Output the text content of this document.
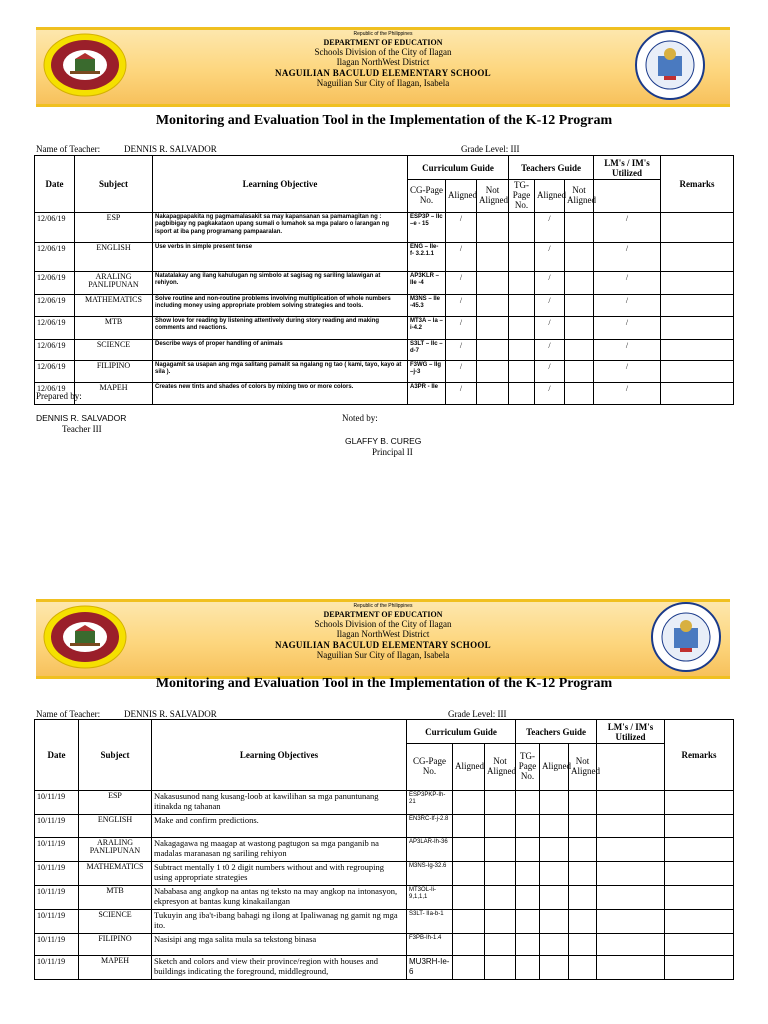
Republic of the Philippines
DEPARTMENT OF EDUCATION
Schools Division of the City of Ilagan
Ilagan NorthWest District
NAGUILIAN BACULUD ELEMENTARY SCHOOL
Naguilian Sur City of Ilagan, Isabela
Monitoring and Evaluation Tool in the Implementation of the K-12 Program
Name of Teacher:	DENNIS R. SALVADOR	Grade Level: III
Date	Subject	Learning Objective	Curriculum Guide			Teachers Guide			LM's / IM's Utilized	Remarks
			CG-Page No.	Aligned	Not Aligned	TG-Page No.	Aligned	Not Aligned		
12/06/19	ESP	Nakapagpapakita ng pagmamalasakit sa may kapansanan sa pamamagitan ng : pagbibigay ng pagkakataon upang sumali o lumahok sa mga palaro o larangan ng isport at iba pang programang pampaaralan.	ESP3P – IIc –e - 15	/			/		/	
12/06/19	ENGLISH	Use verbs in simple present tense	ENG – IIe- f- 3.2.1.1	/			/		/	
12/06/19	ARALING PANLIPUNAN	Natatalakay ang ilang kahulugan ng simbolo at sagisag ng sariling lalawigan at rehiyon.	AP3KLR – IIe -4	/			/		/	
12/06/19	MATHEMATICS	Solve routine and non-routine problems involving multiplication of whole numbers including money using appropriate problem solving strategies and tools.	M3NS – IIe -45.3	/			/		/	
12/06/19	MTB	Show love for reading by listening attentively during story reading and making comments and reactions.	MT3A – Ia –i-4.2	/			/		/	
12/06/19	SCIENCE	Describe ways of proper handling of animals	S3LT – IIc – d-7	/			/		/	
12/06/19	FILIPINO	Nagagamit sa usapan ang mga salitang pamalit sa ngalang ng tao ( kami, tayo, kayo at sila ).	F3WG – IIg –j-3	/			/		/	
12/06/19	MAPEH	Creates new tints and shades of colors by mixing two or more colors.	A3PR - IIe	/			/		/	
Prepared by:
DENNIS R. SALVADOR	Noted by:
Teacher III
GLAFFY B. CUREG
Principal II
Republic of the Philippines
DEPARTMENT OF EDUCATION
Schools Division of the City of Ilagan
Ilagan NorthWest District
NAGUILIAN BACULUD ELEMENTARY SCHOOL
Naguilian Sur City of Ilagan, Isabela
Monitoring and Evaluation Tool in the Implementation of the K-12 Program
Name of Teacher:	DENNIS R. SALVADOR	Grade Level: III
Date	Subject	Learning Objectives	Curriculum Guide			Teachers Guide			LM's / IM's Utilized	Remarks
			CG-Page No.	Aligned	Not Aligned	TG-Page No.	Aligned	Not Aligned		
10/11/19	ESP	Nakasusunod nang kusang-loob at kawilihan sa mga panuntunang itinakda ng tahanan	ESP3PKP-Ih-21							
10/11/19	ENGLISH	Make and confirm predictions.	EN3RC-If-j-2.8							
10/11/19	ARALING PANLIPUNAN	Nakagagawa ng maagap at wastong pagtugon sa mga panganib na madalas maranasan ng sariling rehiyon	AP3LAR-Ih-36							
10/11/19	MATHEMATICS	Subtract mentally 1 t0 2 digit numbers without and with regrouping using appropriate strategies	M3NS-Ig-32.6							
10/11/19	MTB	Nababasa ang angkop na antas ng teksto na may angkop na intonasyon, ekpresyon at bantas kung kinakailangan	MT3OL-Ii-9,1,1,1							
10/11/19	SCIENCE	Tukuyin ang iba't-ibang bahagi ng ilong at Ipaliwanag ng gamit ng mga ito.	S3LT- IIa-b-1							
10/11/19	FILIPINO	Nasisipi ang mga salita mula sa tekstong binasa	F3PB-Ih-1.4							
10/11/19	MAPEH	Sketch and colors and view their province/region with houses and buildings indicating the foreground, middleground,	MU3RH-Ie-6							
